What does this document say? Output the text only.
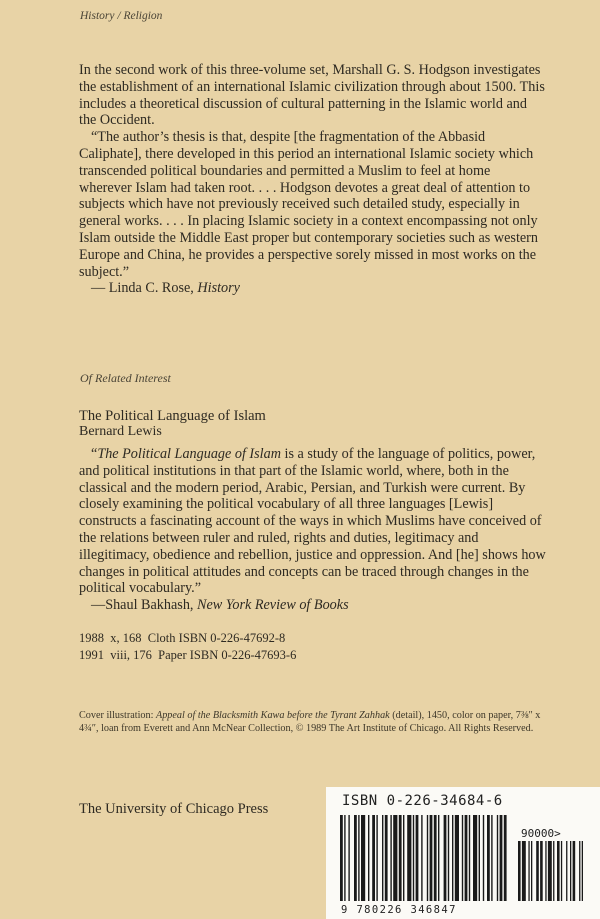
History / Religion

In the second work of this three-volume set, Marshall G. S. Hodgson investigates the establishment of an international Islamic civilization through about 1500. This includes a theoretical discussion of cultural patterning in the Islamic world and the Occident.

“The author’s thesis is that, despite [the fragmentation of the Abbasid Caliphate], there developed in this period an international Islamic society which transcended political boundaries and permitted a Muslim to feel at home wherever Islam had taken root. . . . Hodgson devotes a great deal of attention to subjects which have not previously received such detailed study, especially in general works. . . . In placing Islamic society in a context encompassing not only Islam outside the Middle East proper but contemporary societies such as western Europe and China, he provides a perspective sorely missed in most works on the subject.”

— Linda C. Rose, History

Of Related Interest
The Political Language of Islam
Bernard Lewis

“The Political Language of Islam is a study of the language of politics, power, and political institutions in that part of the Islamic world, where, both in the classical and the modern period, Arabic, Persian, and Turkish were current. By closely examining the political vocabulary of all three languages [Lewis] constructs a fascinating account of the ways in which Muslims have conceived of the relations between ruler and ruled, rights and duties, legitimacy and illegitimacy, obedience and rebellion, justice and oppression. And [he] shows how changes in political attitudes and concepts can be traced through changes in the political vocabulary.”

—Shaul Bakhash, New York Review of Books

1988  x, 168  Cloth ISBN 0-226-47692-8
1991  viii, 176  Paper ISBN 0-226-47693-6
Cover illustration: Appeal of the Blacksmith Kawa before the Tyrant Zahhak (detail), 1450, color on paper, 7⅜″ x 4¾″, loan from Everett and Ann McNear Collection, © 1989 The Art Institute of Chicago. All Rights Reserved.
The University of Chicago Press	ISBN 0-226-34684-6
90000>
9 780226 346847
